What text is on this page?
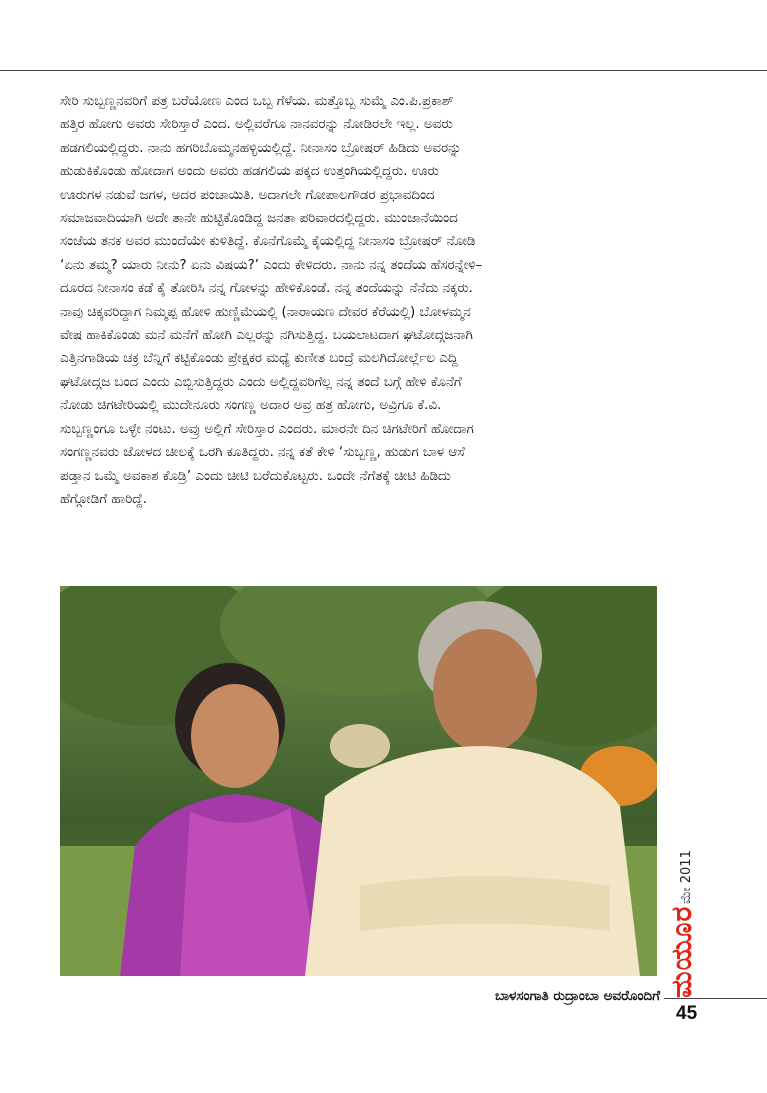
ಸೇರಿ ಸುಬ್ಬಣ್ಣನವರಿಗೆ ಪತ್ರ ಬರೆಯೋಣ ಎಂದ ಒಬ್ಬ ಗೆಳೆಯ. ಮತ್ತೊಬ್ಬ ಸುಮ್ಮೆ ಎಂ.ಪಿ.ಪ್ರಕಾಶ್

ಹತ್ತಿರ ಹೋಗು ಅವರು ಸೇರಿಸ್ತಾರೆ ಎಂದ. ಅಲ್ಲಿವರೆಗೂ ನಾನವರನ್ನು ನೋಡಿರಲೇ ಇಲ್ಲ. ಅವರು

ಹಡಗಲಿಯಲ್ಲಿದ್ದರು. ನಾನು ಹಗರಿಬೊಮ್ಮನಹಳ್ಳಿಯಲ್ಲಿದ್ದೆ. ನೀನಾಸಂ ಬ್ರೋಷರ್ ಹಿಡಿದು ಅವರನ್ನು

ಹುಡುಕಿಕೊಂಡು ಹೋದಾಗ ಅಂದು ಅವರು ಹಡಗಲಿಯ ಪಕ್ಕದ ಉತ್ತಂಗಿಯಲ್ಲಿದ್ದರು. ಊರು

ಊರುಗಳ ನಡುವೆ ಜಗಳ, ಅದರ ಪಂಚಾಯಿತಿ. ಅದಾಗಲೇ ಗೋಪಾಲಗೌಡರ ಪ್ರಭಾವದಿಂದ

ಸಮಾಜವಾದಿಯಾಗಿ ಅದೇ ತಾನೇ ಹುಟ್ಟಿಕೊಂಡಿದ್ದ ಜನತಾ ಪರಿವಾರದಲ್ಲಿದ್ದರು. ಮುಂಜಾನೆಯಿಂದ

ಸಂಜೆಯ ತನಕ ಅವರ ಮುಂದೆಯೇ ಕುಳಿತಿದ್ದೆ. ಕೊನೆಗೊಮ್ಮೆ ಕೈಯಲ್ಲಿದ್ದ ನೀನಾಸಂ ಬ್ರೋಷರ್ ನೋಡಿ

‘ಏನು ತಮ್ಮ? ಯಾರು ನೀನು? ಏನು ವಿಷಯ?’ ಎಂದು ಕೇಳಿದರು. ನಾನು ನನ್ನ ತಂದೆಯ ಹೆಸರನ್ನೇಳಿ–

ದೂರದ ನೀನಾಸಂ ಕಡೆ ಕೈ ತೋರಿಸಿ ನನ್ನ ಗೋಳನ್ನು ಹೇಳಿಕೊಂಡೆ. ನನ್ನ ತಂದೆಯನ್ನು ನೆನೆದು ನಕ್ಕರು.

ನಾವು ಚಿಕ್ಕವರಿದ್ದಾಗ ನಿಮ್ಮಪ್ಪ ಹೋಳಿ ಹುಣ್ಣಿಮೆಯಲ್ಲಿ (ನಾರಾಯಣ ದೇವರ ಕೆರೆಯಲ್ಲಿ) ಬೋಳಮ್ಮನ

ವೇಷ ಹಾಕಿಕೊಂಡು ಮನೆ ಮನೆಗೆ ಹೋಗಿ ಎಲ್ಲರನ್ನು ನಗಿಸುತ್ತಿದ್ದ. ಬಯಲಾಟದಾಗ ಘಟೋದ್ಗಜನಾಗಿ

ಎತ್ತಿನಗಾಡಿಯ ಚಕ್ರ ಬೆನ್ನಿಗೆ ಕಟ್ಟಿಕೊಂಡು ಪ್ರೇಕ್ಷಕರ ಮಧ್ಯೆ ಕುಣೀತ ಬಂದ್ರೆ ಮಲಗಿದೋರ್ಲ್ಲೆಲ ಎದ್ದಿ

ಘಟೋದ್ಗಜ ಬಂದ ಎಂದು ಎಬ್ಬಿಸುತ್ತಿದ್ದರು ಎಂದು ಅಲ್ಲಿದ್ದವರಿಗೆಲ್ಲ ನನ್ನ ತಂದೆ ಬಗ್ಗೆ ಹೇಳಿ ಕೊನೆಗೆ

ನೋಡು ಚಿಗಟೇರಿಯಲ್ಲಿ ಮುದೇನೂರು ಸಂಗಣ್ಣ ಅದಾರ ಅವ್ರ ಹತ್ರ ಹೋಗು, ಅವ್ರಿಗೂ ಕೆ.ವಿ.

ಸುಬ್ಬಣ್ಣಂಗೂ ಒಳ್ಳೇ ನಂಟು. ಅವ್ರು ಅಲ್ಲಿಗೆ ಸೇರಿಸ್ತಾರ ಎಂದರು. ಮಾರನೇ ದಿನ ಚಿಗಟೇರಿಗೆ ಹೋದಾಗ

ಸಂಗಣ್ಣನವರು ಜೋಳದ ಚೀಲಕ್ಕೆ ಒರಗಿ ಕೂತಿದ್ದರು. ನನ್ನ ಕತೆ ಕೇಳಿ ‘ಸುಬ್ಬಣ್ಣ, ಹುಡುಗ ಬಾಳ ಆಸೆ

ಪಡ್ತಾನ ಒಮ್ಮೆ ಅವಕಾಶ ಕೊಡ್ರಿ’ ಎಂದು ಚೀಟಿ ಬರೆದುಕೊಟ್ಟರು. ಒಂದೇ ನೆಗೆತಕ್ಕೆ ಚೀಟಿ ಹಿಡಿದು

ಹೆಗ್ಗೋಡಿಗೆ ಹಾರಿದ್ದೆ.

ಬಾಳಸಂಗಾತಿ ರುದ್ರಾಂಬಾ ಅವರೊಂದಿಗೆ
ಮೇ 2011
ಮಯೂರ
45
